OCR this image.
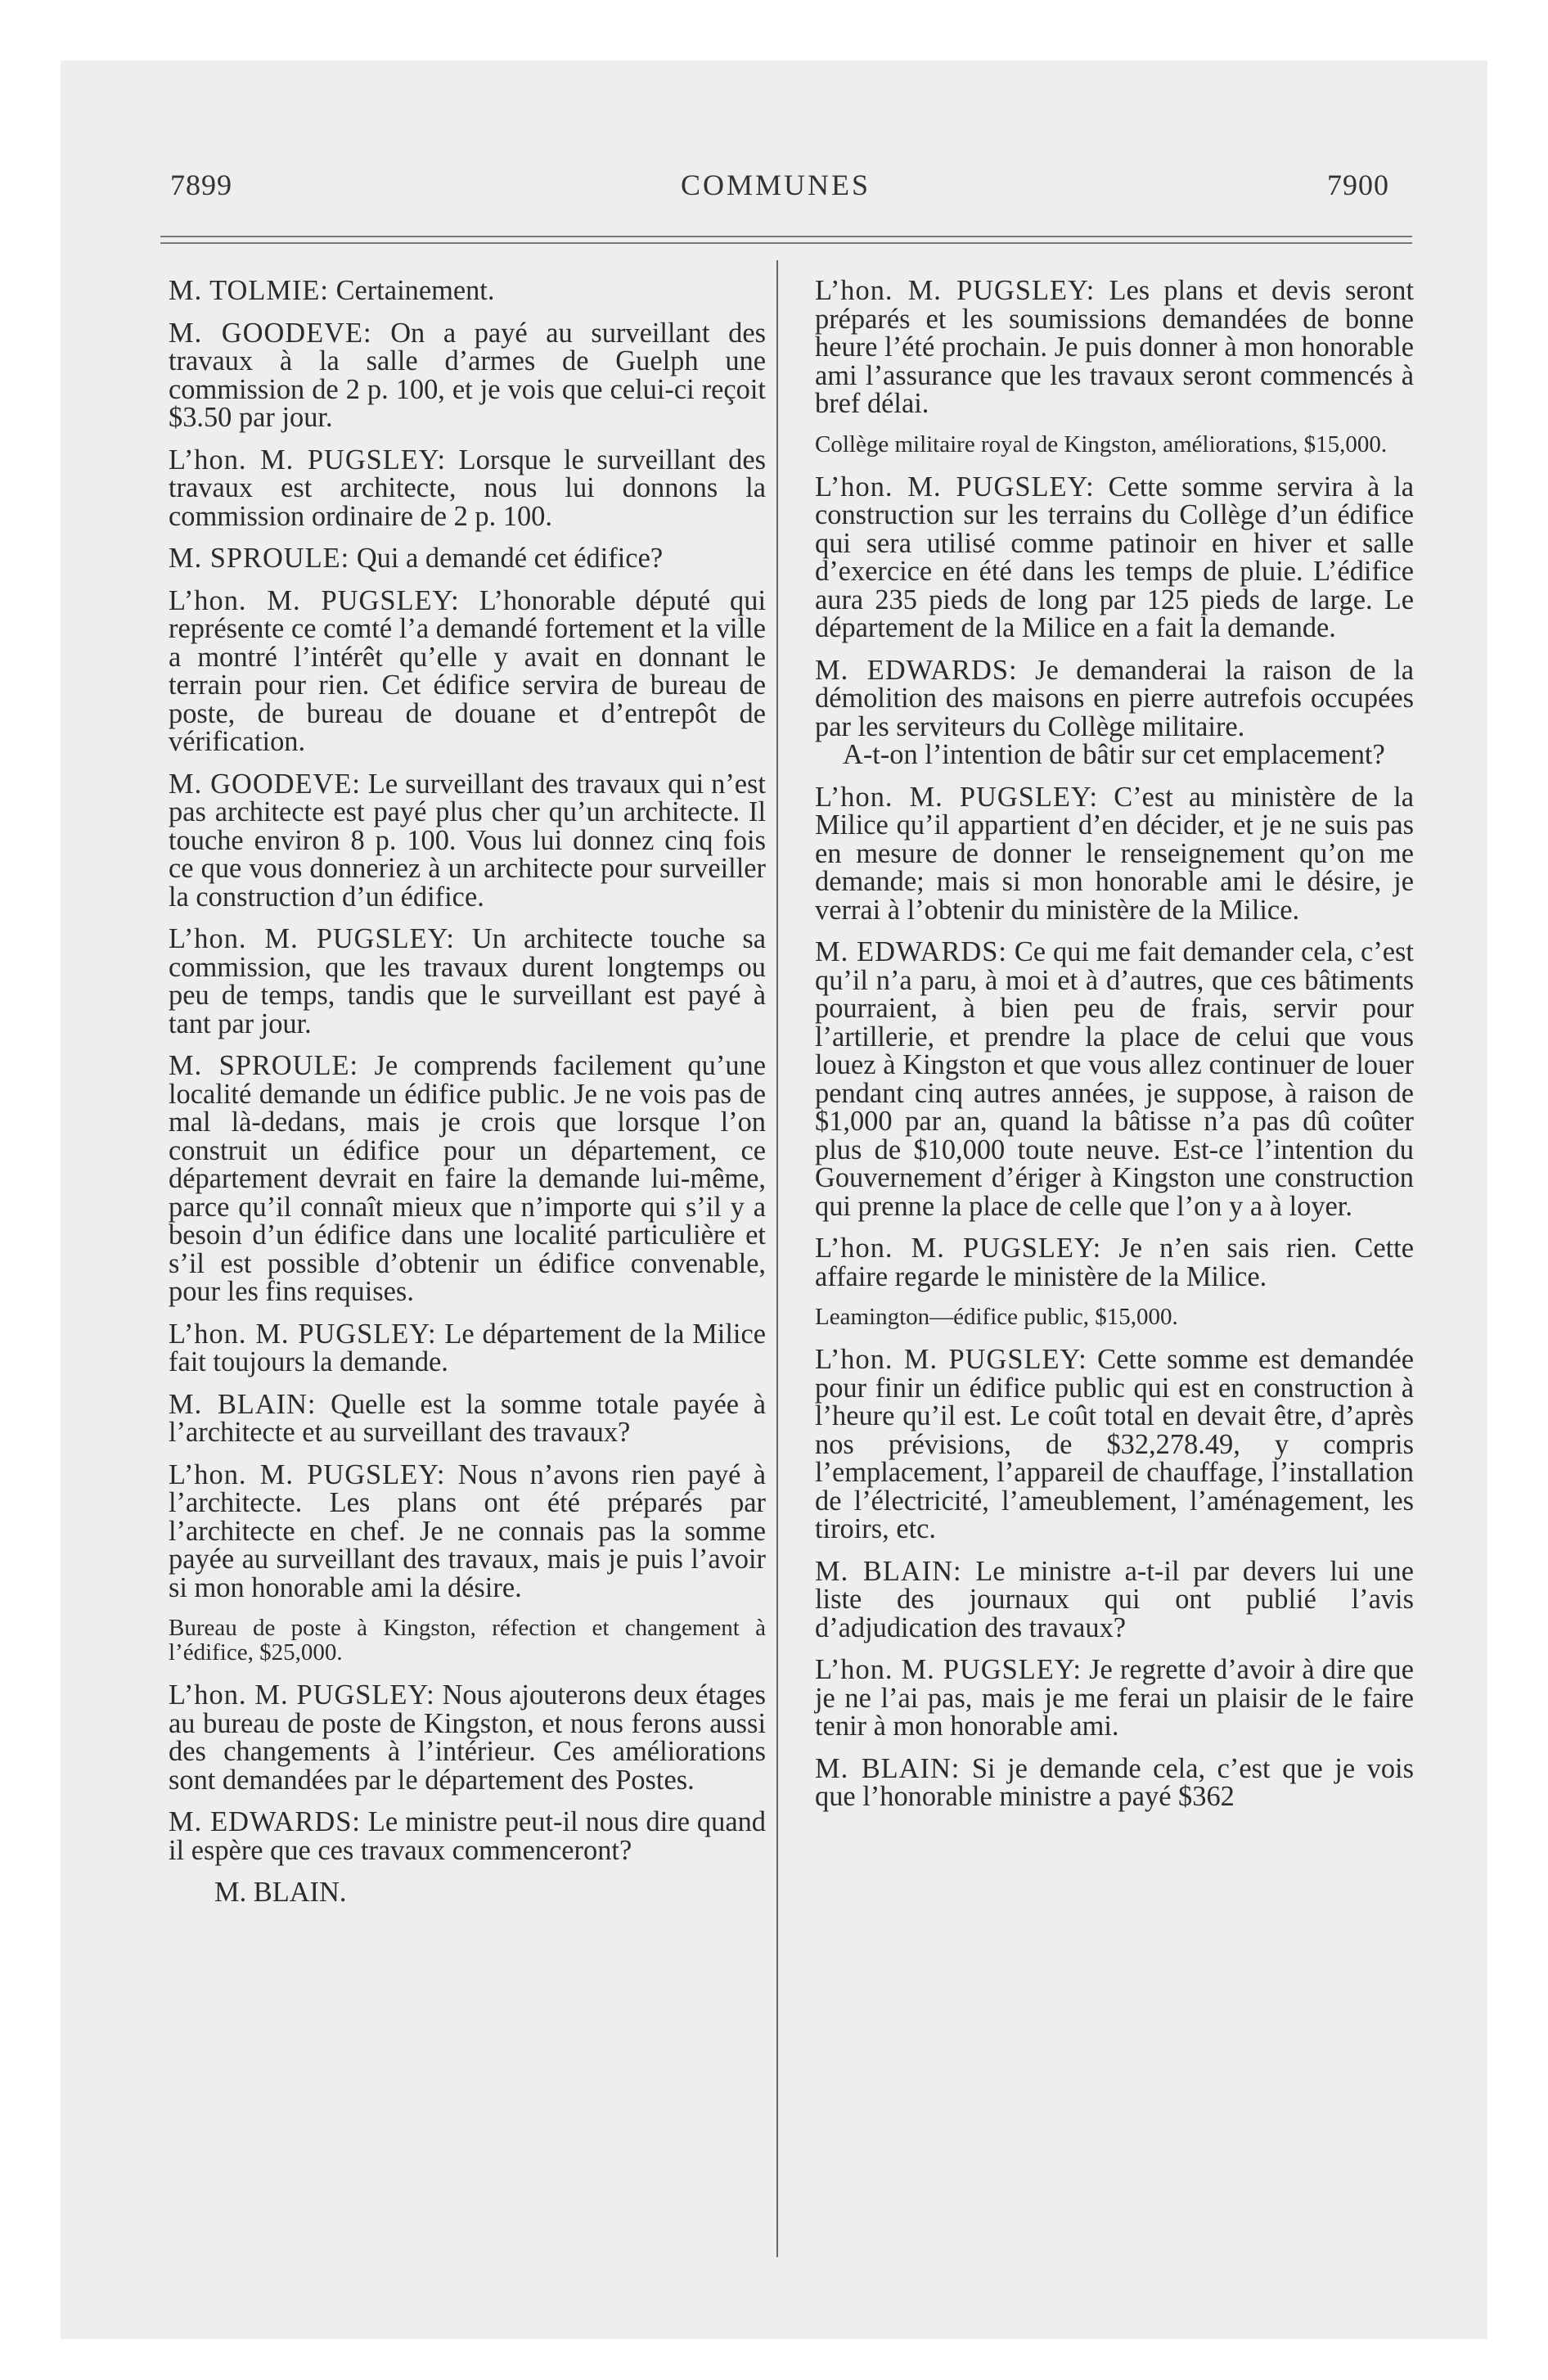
7899	COMMUNES	7900

M. TOLMIE: Certainement.

M. GOODEVE: On a payé au surveillant des travaux à la salle d’armes de Guelph une commission de 2 p. 100, et je vois que celui-ci reçoit $3.50 par jour.

L’hon. M. PUGSLEY: Lorsque le surveillant des travaux est architecte, nous lui donnons la commission ordinaire de 2 p. 100.

M. SPROULE: Qui a demandé cet édifice?

L’hon. M. PUGSLEY: L’honorable député qui représente ce comté l’a demandé fortement et la ville a montré l’intérêt qu’elle y avait en donnant le terrain pour rien. Cet édifice servira de bureau de poste, de bureau de douane et d’entrepôt de vérification.

M. GOODEVE: Le surveillant des travaux qui n’est pas architecte est payé plus cher qu’un architecte. Il touche environ 8 p. 100. Vous lui donnez cinq fois ce que vous donneriez à un architecte pour surveiller la construction d’un édifice.

L’hon. M. PUGSLEY: Un architecte touche sa commission, que les travaux durent longtemps ou peu de temps, tandis que le surveillant est payé à tant par jour.

M. SPROULE: Je comprends facilement qu’une localité demande un édifice public. Je ne vois pas de mal là-dedans, mais je crois que lorsque l’on construit un édifice pour un département, ce département devrait en faire la demande lui-même, parce qu’il connaît mieux que n’importe qui s’il y a besoin d’un édifice dans une localité particulière et s’il est possible d’obtenir un édifice convenable, pour les fins requises.

L’hon. M. PUGSLEY: Le département de la Milice fait toujours la demande.

M. BLAIN: Quelle est la somme totale payée à l’architecte et au surveillant des travaux?

L’hon. M. PUGSLEY: Nous n’avons rien payé à l’architecte. Les plans ont été préparés par l’architecte en chef. Je ne connais pas la somme payée au surveillant des travaux, mais je puis l’avoir si mon honorable ami la désire.

Bureau de poste à Kingston, réfection et changement à l’édifice, $25,000.

L’hon. M. PUGSLEY: Nous ajouterons deux étages au bureau de poste de Kingston, et nous ferons aussi des changements à l’intérieur. Ces améliorations sont demandées par le département des Postes.

M. EDWARDS: Le ministre peut-il nous dire quand il espère que ces travaux commenceront?

M. BLAIN.

L’hon. M. PUGSLEY: Les plans et devis seront préparés et les soumissions demandées de bonne heure l’été prochain. Je puis donner à mon honorable ami l’assurance que les travaux seront commencés à bref délai.

Collège militaire royal de Kingston, améliorations, $15,000.

L’hon. M. PUGSLEY: Cette somme servira à la construction sur les terrains du Collège d’un édifice qui sera utilisé comme patinoir en hiver et salle d’exercice en été dans les temps de pluie. L’édifice aura 235 pieds de long par 125 pieds de large. Le département de la Milice en a fait la demande.

M. EDWARDS: Je demanderai la raison de la démolition des maisons en pierre autrefois occupées par les serviteurs du Collège militaire.
A-t-on l’intention de bâtir sur cet emplacement?

L’hon. M. PUGSLEY: C’est au ministère de la Milice qu’il appartient d’en décider, et je ne suis pas en mesure de donner le renseignement qu’on me demande; mais si mon honorable ami le désire, je verrai à l’obtenir du ministère de la Milice.

M. EDWARDS: Ce qui me fait demander cela, c’est qu’il n’a paru, à moi et à d’autres, que ces bâtiments pourraient, à bien peu de frais, servir pour l’artillerie, et prendre la place de celui que vous louez à Kingston et que vous allez continuer de louer pendant cinq autres années, je suppose, à raison de $1,000 par an, quand la bâtisse n’a pas dû coûter plus de $10,000 toute neuve. Est-ce l’intention du Gouvernement d’ériger à Kingston une construction qui prenne la place de celle que l’on y a à loyer.

L’hon. M. PUGSLEY: Je n’en sais rien. Cette affaire regarde le ministère de la Milice.

Leamington—édifice public, $15,000.

L’hon. M. PUGSLEY: Cette somme est demandée pour finir un édifice public qui est en construction à l’heure qu’il est. Le coût total en devait être, d’après nos prévisions, de $32,278.49, y compris l’emplacement, l’appareil de chauffage, l’installation de l’électricité, l’ameublement, l’aménagement, les tiroirs, etc.

M. BLAIN: Le ministre a-t-il par devers lui une liste des journaux qui ont publié l’avis d’adjudication des travaux?

L’hon. M. PUGSLEY: Je regrette d’avoir à dire que je ne l’ai pas, mais je me ferai un plaisir de le faire tenir à mon honorable ami.

M. BLAIN: Si je demande cela, c’est que je vois que l’honorable ministre a payé $362
